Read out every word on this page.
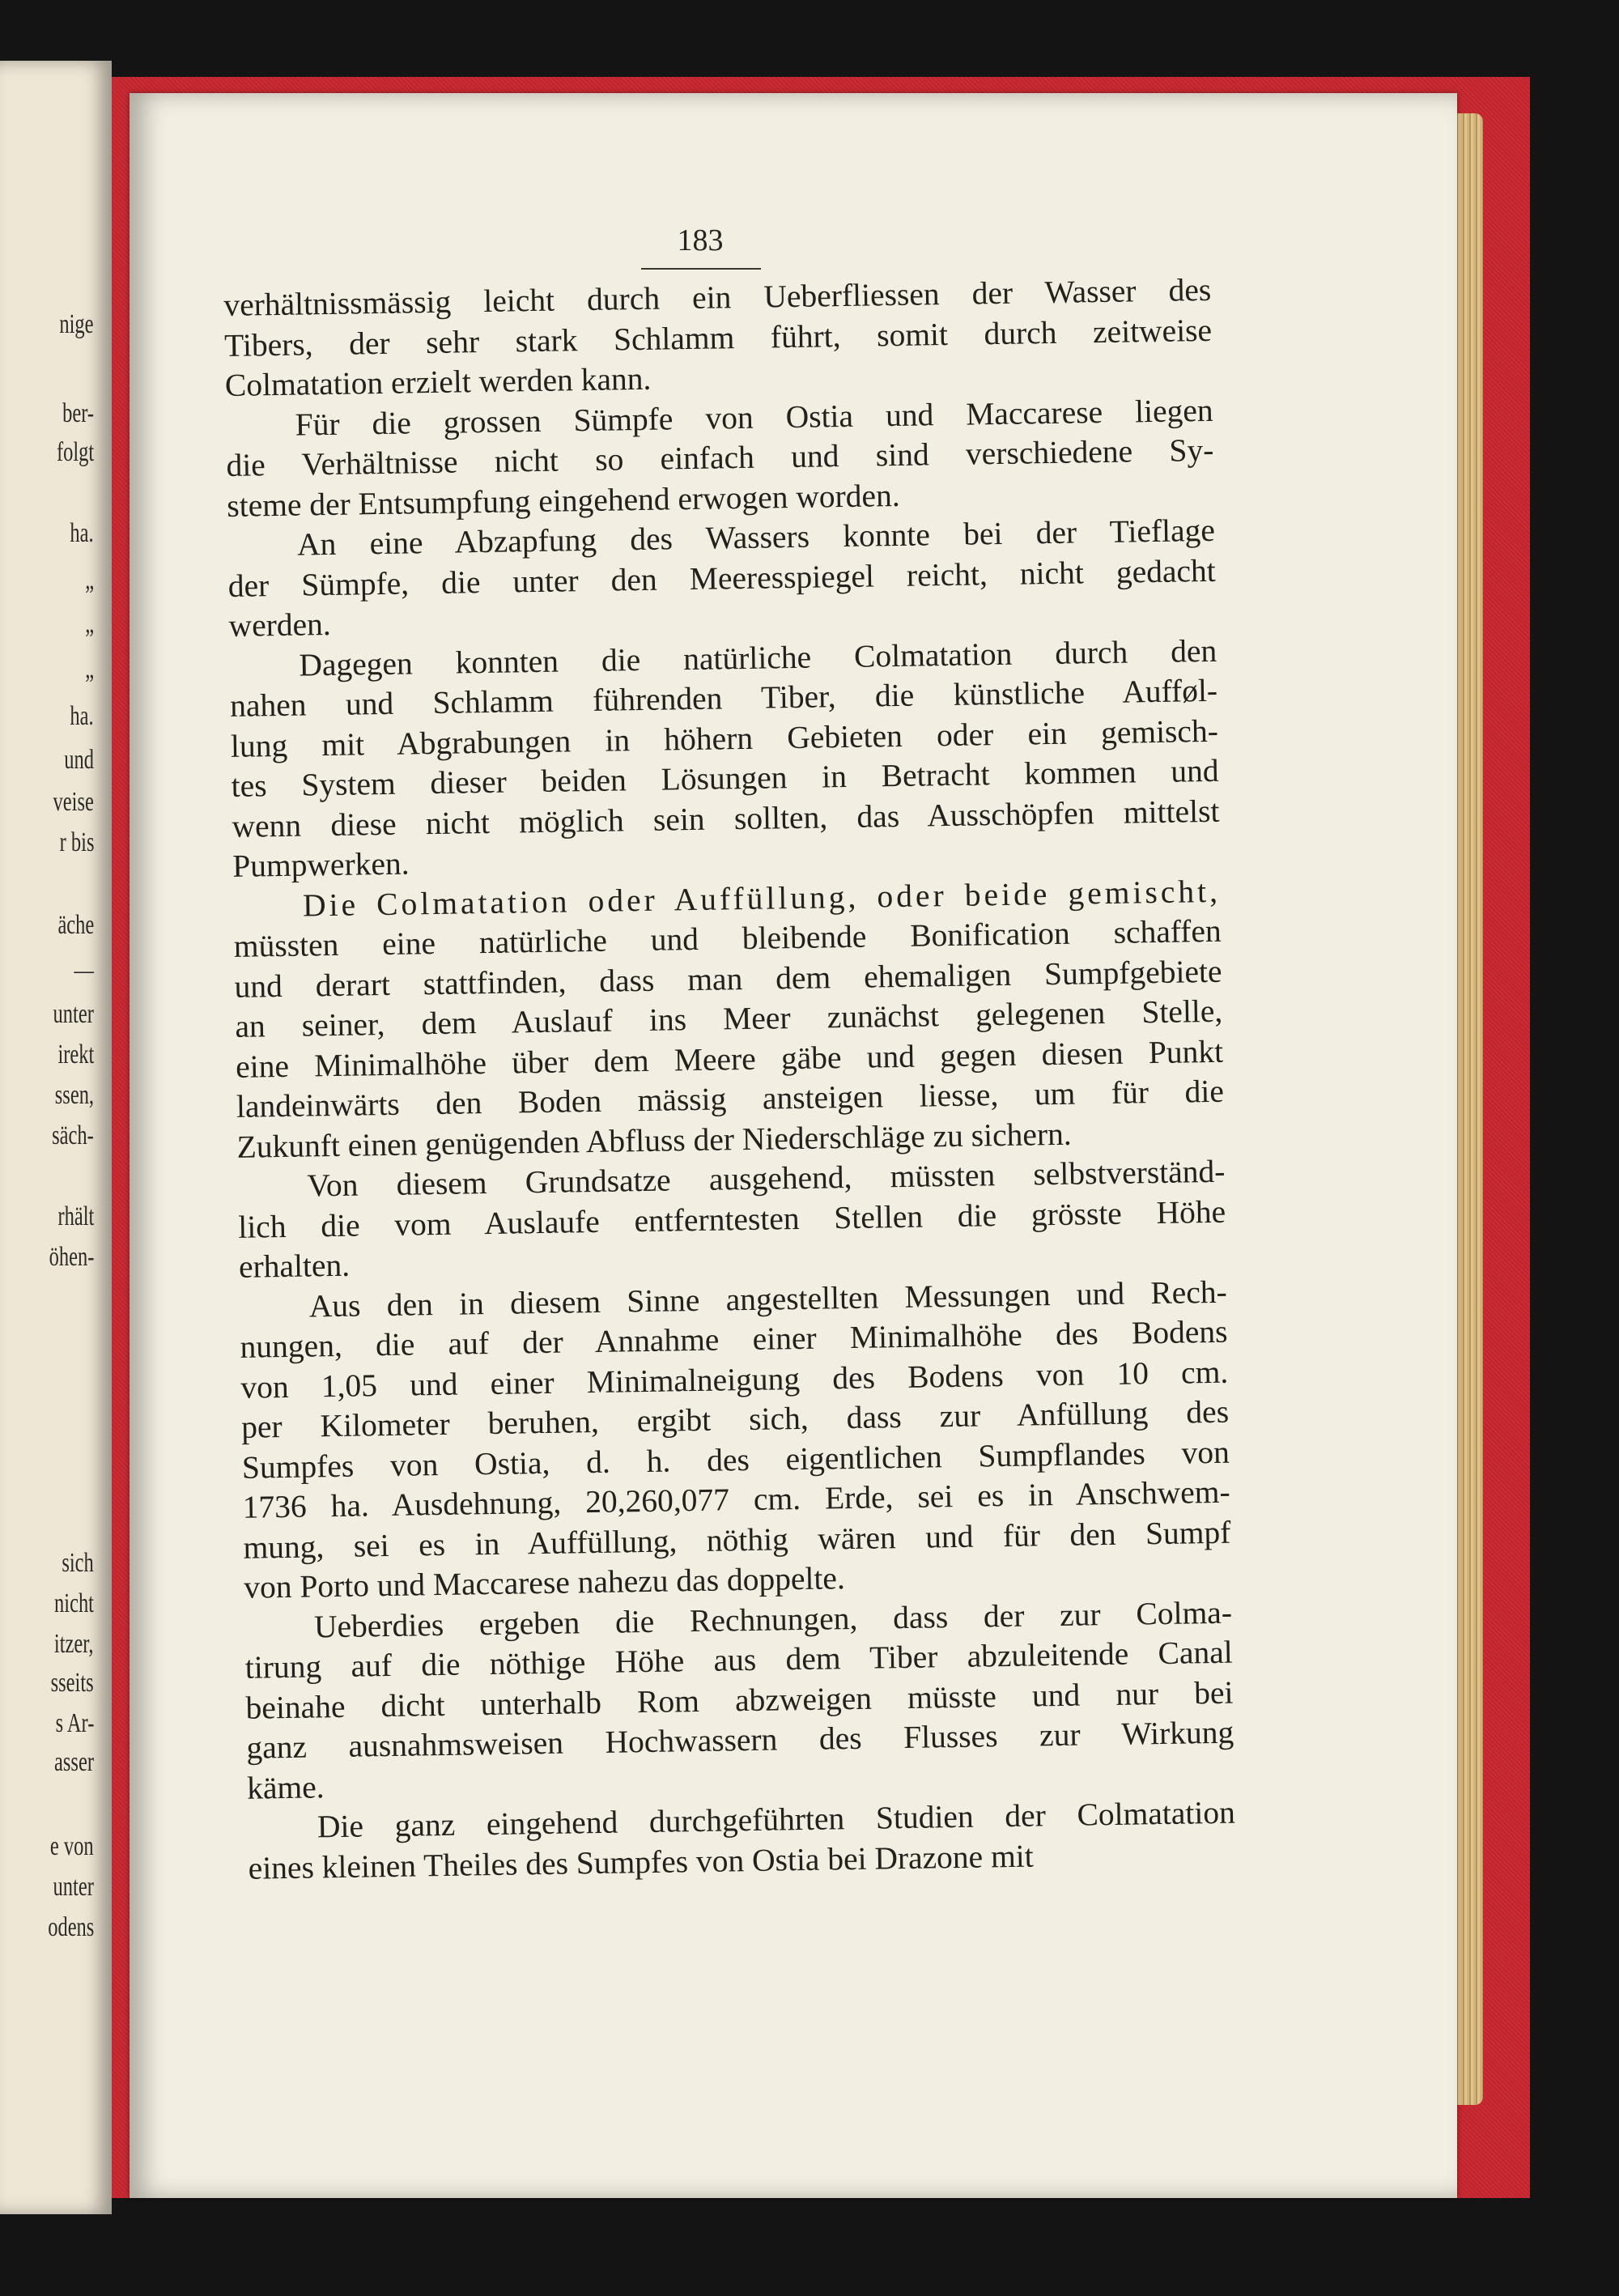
nige
ber-
folgt
ha.
„
„
„
ha.
und
veise
r bis
äche
—
unter
irekt
ssen,
säch-
rhält
öhen-
sich
nicht
itzer,
sseits
s Ar-
asser
e von
unter
odens
183
verhältnissmässig leicht durch ein Ueberfliessen der Wasser des
Tibers, der sehr stark Schlamm führt, somit durch zeitweise
Colmatation erzielt werden kann.
Für die grossen Sümpfe von Ostia und Maccarese liegen
die Verhältnisse nicht so einfach und sind verschiedene Sy-
steme der Entsumpfung eingehend erwogen worden.
An eine Abzapfung des Wassers konnte bei der Tieflage
der Sümpfe, die unter den Meeresspiegel reicht, nicht gedacht
werden.
Dagegen konnten die natürliche Colmatation durch den
nahen und Schlamm führenden Tiber, die künstliche Aufføl-
lung mit Abgrabungen in höhern Gebieten oder ein gemisch-
tes System dieser beiden Lösungen in Betracht kommen und
wenn diese nicht möglich sein sollten, das Ausschöpfen mittelst
Pumpwerken.
Die Colmatation oder Auffüllung, oder beide gemischt,
müssten eine natürliche und bleibende Bonification schaffen
und derart stattfinden, dass man dem ehemaligen Sumpfgebiete
an seiner, dem Auslauf ins Meer zunächst gelegenen Stelle,
eine Minimalhöhe über dem Meere gäbe und gegen diesen Punkt
landeinwärts den Boden mässig ansteigen liesse, um für die
Zukunft einen genügenden Abfluss der Niederschläge zu sichern.
Von diesem Grundsatze ausgehend, müssten selbstverständ-
lich die vom Auslaufe entferntesten Stellen die grösste Höhe
erhalten.
Aus den in diesem Sinne angestellten Messungen und Rech-
nungen, die auf der Annahme einer Minimalhöhe des Bodens
von 1,05 und einer Minimalneigung des Bodens von 10 cm.
per Kilometer beruhen, ergibt sich, dass zur Anfüllung des
Sumpfes von Ostia, d. h. des eigentlichen Sumpflandes von
1736 ha. Ausdehnung, 20,260,077 cm. Erde, sei es in Anschwem-
mung, sei es in Auffüllung, nöthig wären und für den Sumpf
von Porto und Maccarese nahezu das doppelte.
Ueberdies ergeben die Rechnungen, dass der zur Colma-
tirung auf die nöthige Höhe aus dem Tiber abzuleitende Canal
beinahe dicht unterhalb Rom abzweigen müsste und nur bei
ganz ausnahmsweisen Hochwassern des Flusses zur Wirkung
käme.
Die ganz eingehend durchgeführten Studien der Colmatation
eines kleinen Theiles des Sumpfes von Ostia bei Drazone mit
